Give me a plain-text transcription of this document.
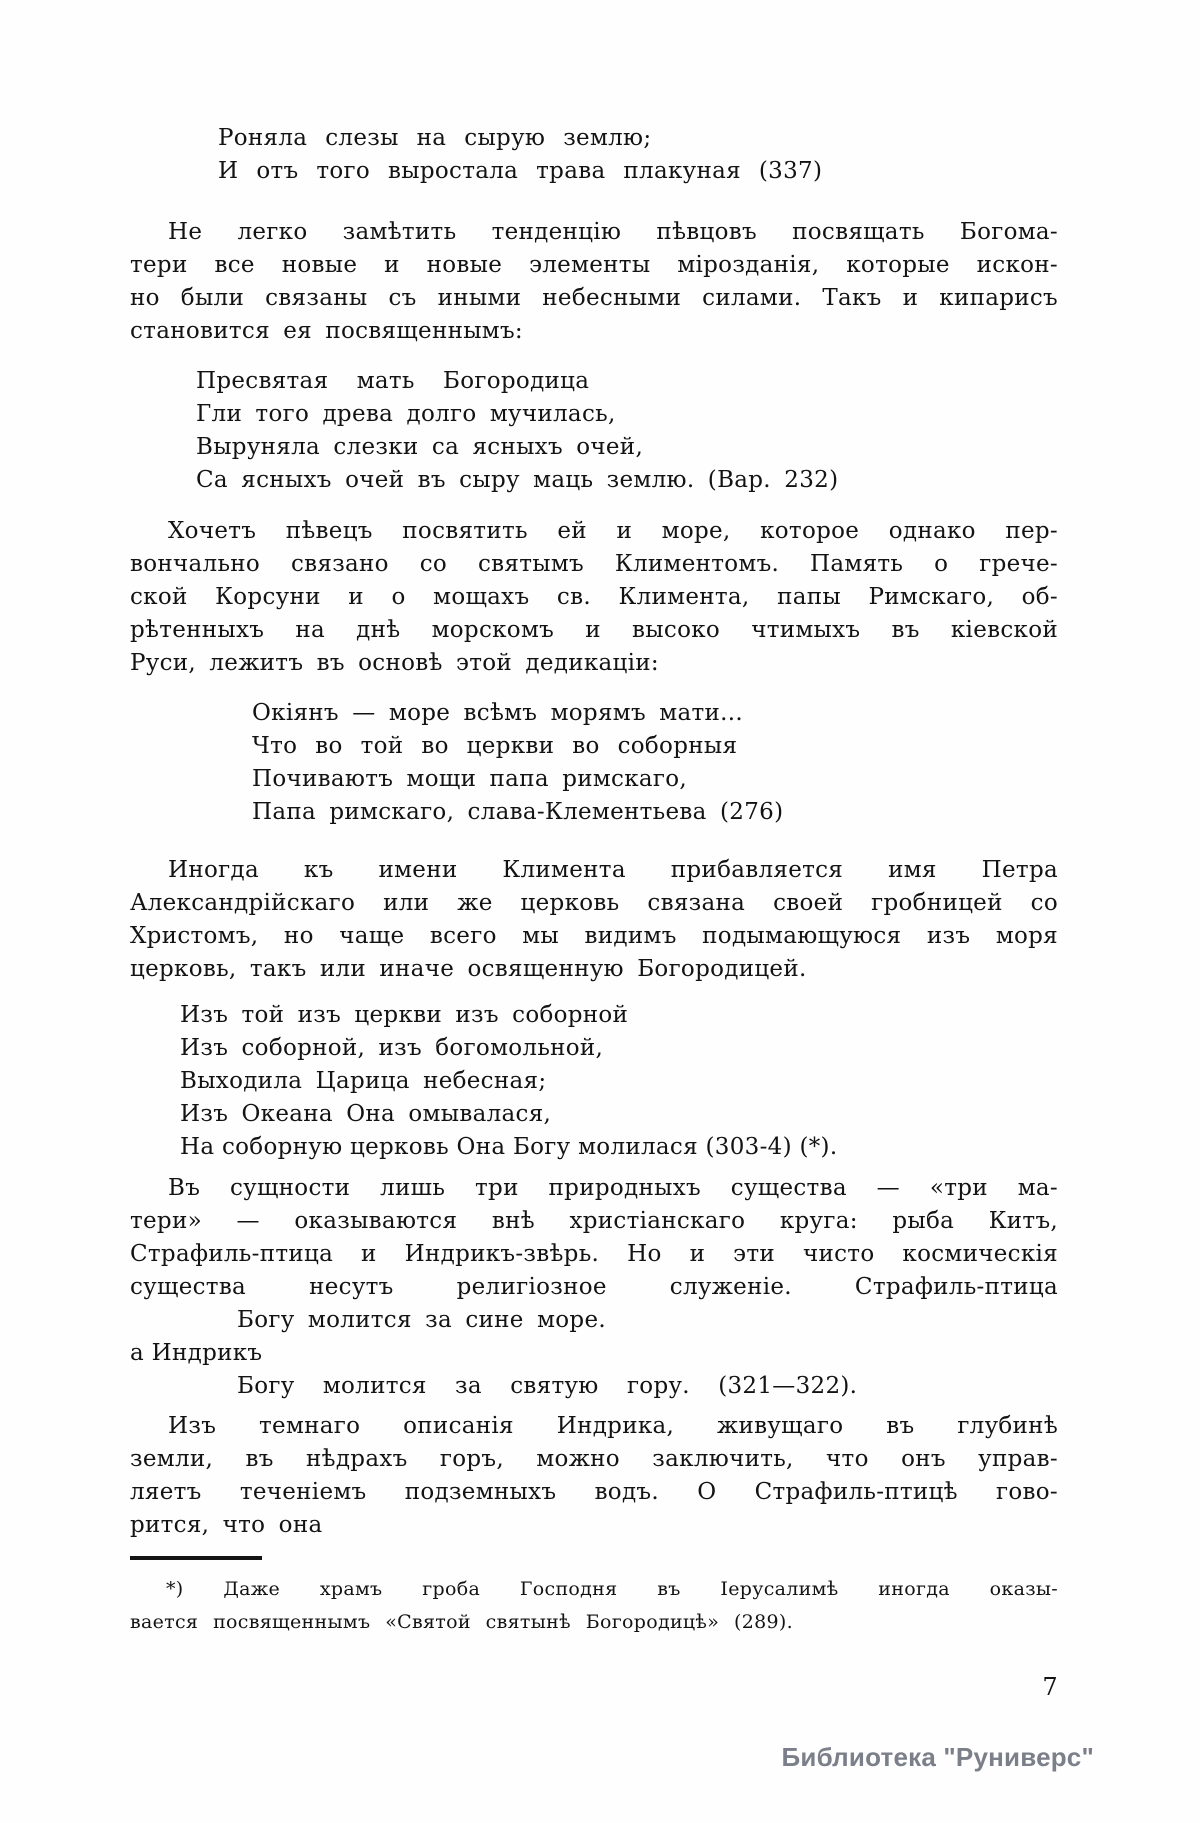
Роняла слезы на сырую землю;
И отъ того выростала трава плакуная (337)
Не легко замѣтить тенденцію пѣвцовъ посвящать Богома-
тери все новые и новые элементы мірозданія, которые искон-
но были связаны съ иными небесными силами. Такъ и кипарисъ
становится ея посвященнымъ:
Пресвятая мать Богородица
Гли того древа долго мучилась,
Выруняла слезки са ясныхъ очей,
Са ясныхъ очей въ сыру маць землю. (Вар. 232)
Хочетъ пѣвецъ посвятить ей и море, которое однако пер-
вончально связано со святымъ Климентомъ. Память о грече-
ской Корсуни и о мощахъ св. Климента, папы Римскаго, об-
рѣтенныхъ на днѣ морскомъ и высоко чтимыхъ въ кіевской
Руси, лежитъ въ основѣ этой дедикаціи:
Окіянъ — море всѣмъ морямъ мати...
Что во той во церкви во соборныя
Почиваютъ мощи папа римскаго,
Папа римскаго, слава-Клементьева (276)
Иногда къ имени Климента прибавляется имя Петра
Александрійскаго или же церковь связана своей гробницей со
Христомъ, но чаще всего мы видимъ подымающуюся изъ моря
церковь, такъ или иначе освященную Богородицей.
Изъ той изъ церкви изъ соборной
Изъ соборной, изъ богомольной,
Выходила Царица небесная;
Изъ Океана Она омывалася,
На соборную церковь Она Богу молилася (303-4) (*).
Въ сущности лишь три природныхъ существа — «три ма-
тери» — оказываются внѣ христіанскаго круга: рыба Китъ,
Страфиль-птица и Индрикъ-звѣрь. Но и эти чисто космическія
существа несутъ религіозное служеніе. Страфиль-птица
Богу молится за сине море.
а Индрикъ
Богу молится за святую гору. (321—322).
Изъ темнаго описанія Индрика, живущаго въ глубинѣ
земли, въ нѣдрахъ горъ, можно заключить, что онъ управ-
ляетъ теченіемъ подземныхъ водъ. О Страфиль-птицѣ гово-
рится, что она
*) Даже храмъ гроба Господня въ Іерусалимѣ иногда оказы-
вается посвященнымъ «Святой святынѣ Богородицѣ» (289).
7
Библиотека "Руниверс"
